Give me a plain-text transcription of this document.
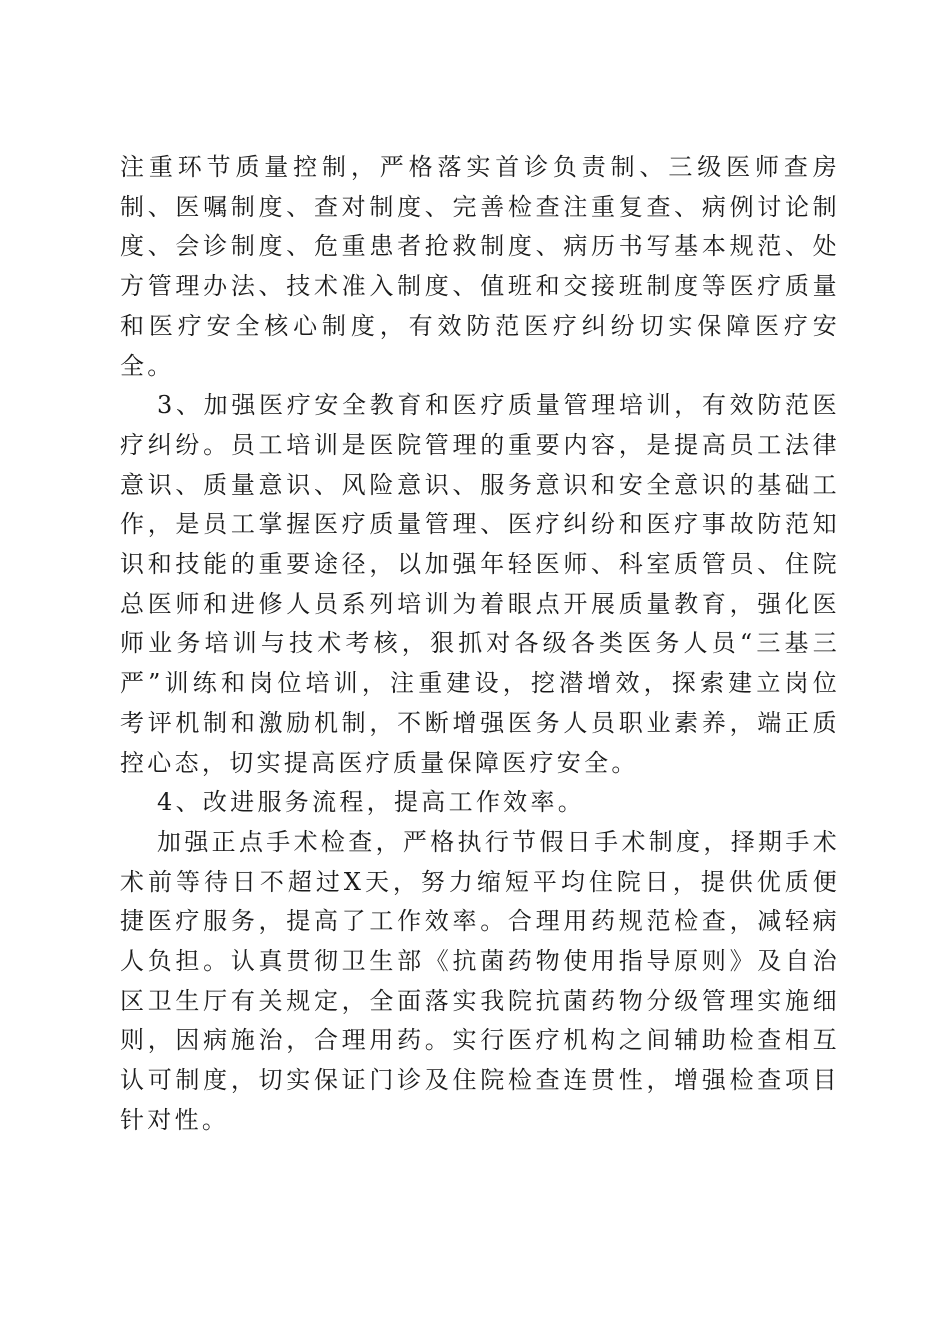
注重环节质量控制，严格落实首诊负责制、三级医师查房制、医嘱制度、查对制度、完善检查注重复查、病例讨论制度、会诊制度、危重患者抢救制度、病历书写基本规范、处方管理办法、技术准入制度、值班和交接班制度等医疗质量和医疗安全核心制度，有效防范医疗纠纷切实保障医疗安全。

3、加强医疗安全教育和医疗质量管理培训，有效防范医疗纠纷。员工培训是医院管理的重要内容，是提高员工法律意识、质量意识、风险意识、服务意识和安全意识的基础工作，是员工掌握医疗质量管理、医疗纠纷和医疗事故防范知识和技能的重要途径，以加强年轻医师、科室质管员、住院总医师和进修人员系列培训为着眼点开展质量教育，强化医师业务培训与技术考核，狠抓对各级各类医务人员“三基三严”训练和岗位培训，注重建设，挖潜增效，探索建立岗位考评机制和激励机制，不断增强医务人员职业素养，端正质控心态，切实提高医疗质量保障医疗安全。

4、改进服务流程，提高工作效率。

加强正点手术检查，严格执行节假日手术制度，择期手术术前等待日不超过X天，努力缩短平均住院日，提供优质便捷医疗服务，提高了工作效率。合理用药规范检查，减轻病人负担。认真贯彻卫生部《抗菌药物使用指导原则》及自治区卫生厅有关规定，全面落实我院抗菌药物分级管理实施细则，因病施治，合理用药。实行医疗机构之间辅助检查相互认可制度，切实保证门诊及住院检查连贯性，增强检查项目针对性。
